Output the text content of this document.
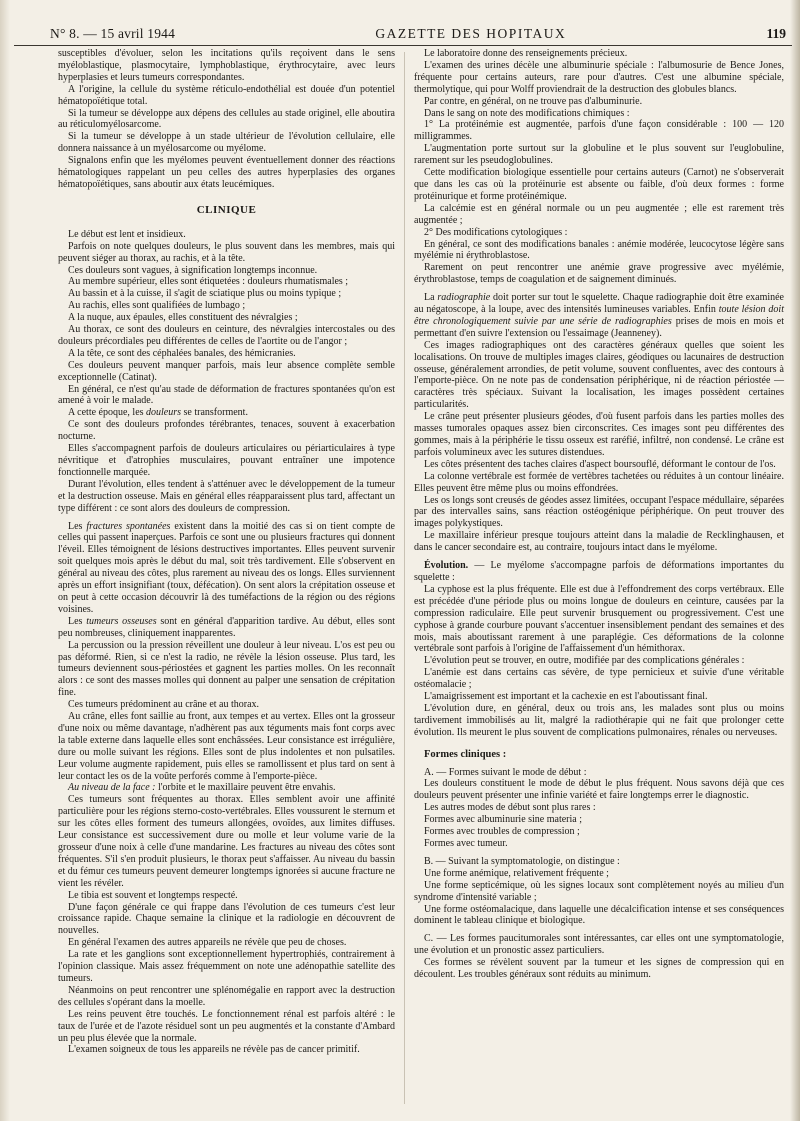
N° 8. — 15 avril 1944	GAZETTE DES HOPITAUX	119

susceptibles d'évoluer, selon les incitations qu'ils reçoivent dans le sens myéloblastique, plasmocytaire, lymphoblastique, érythrocytaire, avec leurs hyperplasies et leurs tumeurs correspondantes.

A l'origine, la cellule du système réticulo-endothélial est douée d'un potentiel hématopoïétique total.

Si la tumeur se développe aux dépens des cellules au stade originel, elle aboutira au réticulomyélosarcome.

Si la tumeur se développe à un stade ultérieur de l'évolution cellulaire, elle donnera naissance à un myélosarcome ou myélome.

Signalons enfin que les myélomes peuvent éventuellement donner des réactions hématologiques rappelant un peu celles des autres hyperplasies des organes hématopoïétiques, sans aboutir aux états leucémiques.

CLINIQUE

Le début est lent et insidieux.

Parfois on note quelques douleurs, le plus souvent dans les membres, mais qui peuvent siéger au thorax, au rachis, et à la tête.

Ces douleurs sont vagues, à signification longtemps inconnue.

Au membre supérieur, elles sont étiquetées : douleurs rhumatismales ;

Au bassin et à la cuisse, il s'agit de sciatique plus ou moins typique ;

Au rachis, elles sont qualifiées de lumbago ;

A la nuque, aux épaules, elles constituent des névralgies ;

Au thorax, ce sont des douleurs en ceinture, des névralgies intercostales ou des douleurs précordiales peu différentes de celles de l'aortite ou de l'angor ;

A la tête, ce sont des céphalées banales, des hémicranies.

Ces douleurs peuvent manquer parfois, mais leur absence complète semble exceptionnelle (Catinat).

En général, ce n'est qu'au stade de déformation de fractures spontanées qu'on est amené à voir le malade.

A cette époque, les douleurs se transforment.

Ce sont des douleurs profondes térébrantes, tenaces, souvent à exacerbation nocturne.

Elles s'accompagnent parfois de douleurs articulaires ou périarticulaires à type névritique et d'atrophies musculaires, pouvant entraîner une impotence fonctionnelle marquée.

Durant l'évolution, elles tendent à s'atténuer avec le développement de la tumeur et la destruction osseuse. Mais en général elles réapparaissent plus tard, affectant un type différent : ce sont alors des douleurs de compression.

Les fractures spontanées existent dans la moitié des cas si on tient compte de celles qui passent inaperçues. Parfois ce sont une ou plusieurs fractures qui donnent l'éveil. Elles témoignent de lésions destructives importantes. Elles peuvent survenir soit quelques mois après le début du mal, soit très tardivement. Elle s'observent en général au niveau des côtes, plus rarement au niveau des os longs. Elles surviennent après un effort insignifiant (toux, défécation). On sent alors la crépitation osseuse et on peut à cette occasion découvrir là des tuméfactions de la région ou des régions voisines.

Les tumeurs osseuses sont en général d'apparition tardive. Au début, elles sont peu nombreuses, cliniquement inapparentes.

La percussion ou la pression réveillent une douleur à leur niveau. L'os est peu ou pas déformé. Rien, si ce n'est la radio, ne révèle la lésion osseuse. Plus tard, les tumeurs deviennent sous-périostées et gagnent les parties molles. On les reconnaît alors : ce sont des masses molles qui donnent au palper une sensation de crépitation fine.

Ces tumeurs prédominent au crâne et au thorax.

Au crâne, elles font saillie au front, aux tempes et au vertex. Elles ont la grosseur d'une noix ou même davantage, n'adhèrent pas aux téguments mais font corps avec la table externe dans laquelle elles sont enchâssées. Leur consistance est irrégulière, dure ou molle suivant les régions. Elles sont de plus indolentes et non pulsatiles. Leur volume augmente rapidement, puis elles se ramollissent et plus tard on sent à leur contact les os de la voûte perforés comme à l'emporte-pièce.

Au niveau de la face : l'orbite et le maxillaire peuvent être envahis.

Ces tumeurs sont fréquentes au thorax. Elles semblent avoir une affinité particulière pour les régions sterno-costo-vertébrales. Elles voussurent le sternum et sur les côtes elles forment des tumeurs allongées, ovoïdes, aux limites diffuses. Leur consistance est successivement dure ou molle et leur volume varie de la grosseur d'une noix à celle d'une mandarine. Les fractures au niveau des côtes sont fréquentes. S'il s'en produit plusieurs, le thorax peut s'affaisser. Au niveau du bassin et du fémur ces tumeurs peuvent demeurer longtemps ignorées si aucune fracture ne vient les révéler.

Le tibia est souvent et longtemps respecté.

D'une façon générale ce qui frappe dans l'évolution de ces tumeurs c'est leur croissance rapide. Chaque semaine la clinique et la radiologie en découvrent de nouvelles.

En général l'examen des autres appareils ne révèle que peu de choses.

La rate et les ganglions sont exceptionnellement hypertrophiés, contrairement à l'opinion classique. Mais assez fréquemment on note une adénopathie satellite des tumeurs.

Néanmoins on peut rencontrer une splénomégalie en rapport avec la destruction des cellules s'opérant dans la moelle.

Les reins peuvent être touchés. Le fonctionnement rénal est parfois altéré : le taux de l'urée et de l'azote résiduel sont un peu augmentés et la constante d'Ambard un peu plus élevée que la normale.

L'examen soigneux de tous les appareils ne révèle pas de cancer primitif.

Le laboratoire donne des renseignements précieux.

L'examen des urines décèle une albuminurie spéciale : l'albumosurie de Bence Jones, fréquente pour certains auteurs, rare pour d'autres. C'est une albumine spéciale, thermolytique, qui pour Wolff proviendrait de la destruction des globules blancs.

Par contre, en général, on ne trouve pas d'albuminurie.

Dans le sang on note des modifications chimiques :

1° La protéinémie est augmentée, parfois d'une façon considérable : 100 — 120 milligrammes.

L'augmentation porte surtout sur la globuline et le plus souvent sur l'euglobuline, rarement sur les pseudoglobulines.

Cette modification biologique essentielle pour certains auteurs (Carnot) ne s'observerait que dans les cas où la protéinurie est absente ou faible, d'où deux formes : forme protéinurique et forme protéinémique.

La calcémie est en général normale ou un peu augmentée ; elle est rarement très augmentée ;

2° Des modifications cytologiques :

En général, ce sont des modifications banales : anémie modérée, leucocytose légère sans myélémie ni érythroblastose.

Rarement on peut rencontrer une anémie grave progressive avec myélémie, érythroblastose, temps de coagulation et de saignement diminués.

La radiographie doit porter sur tout le squelette. Chaque radiographie doit être examinée au négatoscope, à la loupe, avec des intensités lumineuses variables. Enfin toute lésion doit être chronologiquement suivie par une série de radiographies prises de mois en mois et permettant d'en suivre l'extension ou l'essaimage (Jeanneney).

Ces images radiographiques ont des caractères généraux quelles que soient les localisations. On trouve de multiples images claires, géodiques ou lacunaires de destruction osseuse, généralement arrondies, de petit volume, souvent confluentes, avec des contours à l'emporte-pièce. On ne note pas de condensation périphérique, ni de réaction périostée — caractères très spéciaux. Suivant la localisation, les images possèdent certaines particularités.

Le crâne peut présenter plusieurs géodes, d'où fusent parfois dans les parties molles des masses tumorales opaques assez bien circonscrites. Ces images sont peu différentes des gommes, mais à la périphérie le tissu osseux est raréfié, infiltré, non condensé. Le crâne est parfois volumineux avec les sutures distendues.

Les côtes présentent des taches claires d'aspect boursouflé, déformant le contour de l'os.

La colonne vertébrale est formée de vertèbres tachetées ou réduites à un contour linéaire. Elles peuvent être même plus ou moins effondrées.

Les os longs sont creusés de géodes assez limitées, occupant l'espace médullaire, séparées par des intervalles sains, sans réaction ostéogénique périphérique. On peut trouver des images polykystiques.

Le maxillaire inférieur presque toujours atteint dans la maladie de Recklinghausen, et dans le cancer secondaire est, au contraire, toujours intact dans le myélome.

Évolution. — Le myélome s'accompagne parfois de déformations importantes du squelette :

La cyphose est la plus fréquente. Elle est due à l'effondrement des corps vertébraux. Elle est précédée d'une période plus ou moins longue de douleurs en ceinture, causées par la compression radiculaire. Elle peut survenir brusquement ou progressivement. C'est une cyphose à grande courbure pouvant s'accentuer insensiblement pendant des semaines et des mois, mais aboutissant rarement à une paraplégie. Ces déformations de la colonne vertébrale sont parfois à l'origine de l'affaissement d'un hémithorax.

L'évolution peut se trouver, en outre, modifiée par des complications générales :

L'anémie est dans certains cas sévère, de type pernicieux et suivie d'une véritable ostéomalacie ;

L'amaigrissement est important et la cachexie en est l'aboutissant final.

L'évolution dure, en général, deux ou trois ans, les malades sont plus ou moins tardivement immobilisés au lit, malgré la radiothérapie qui ne fait que prolonger cette évolution. Ils meurent le plus souvent de complications pulmonaires, rénales ou nerveuses.

Formes cliniques :

A. — Formes suivant le mode de début :

Les douleurs constituent le mode de début le plus fréquent. Nous savons déjà que ces douleurs peuvent présenter une infinie variété et faire longtemps errer le diagnostic.

Les autres modes de début sont plus rares :

Formes avec albuminurie sine materia ;

Formes avec troubles de compression ;

Formes avec tumeur.

B. — Suivant la symptomatologie, on distingue :

Une forme anémique, relativement fréquente ;

Une forme septicémique, où les signes locaux sont complètement noyés au milieu d'un syndrome d'intensité variable ;

Une forme ostéomalacique, dans laquelle une décalcification intense et ses conséquences dominent le tableau clinique et biologique.

C. — Les formes paucitumorales sont intéressantes, car elles ont une symptomatologie, une évolution et un pronostic assez particuliers.

Ces formes se révèlent souvent par la tumeur et les signes de compression qui en découlent. Les troubles généraux sont réduits au minimum.
